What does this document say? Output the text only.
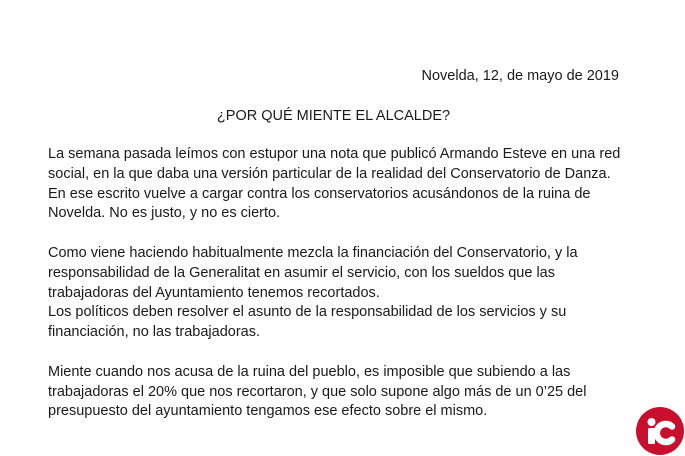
Novelda, 12, de mayo de 2019
¿POR QUÉ MIENTE EL ALCALDE?

La semana pasada leímos con estupor una nota que publicó Armando Esteve en una red social, en la que daba una versión particular de la realidad del Conservatorio de Danza.

En ese escrito vuelve a cargar contra los conservatorios acusándonos de la ruina de Novelda. No es justo, y no es cierto.

Como viene haciendo habitualmente mezcla la financiación del Conservatorio, y la responsabilidad de la Generalitat en asumir el servicio, con los sueldos que las trabajadoras del Ayuntamiento tenemos recortados.

Los políticos deben resolver el asunto de la responsabilidad de los servicios y su financiación, no las trabajadoras.

Miente cuando nos acusa de la ruina del pueblo, es imposible que subiendo a las trabajadoras el 20% que nos recortaron, y que solo supone algo más de un 0’25 del presupuesto del ayuntamiento tengamos ese efecto sobre el mismo.
